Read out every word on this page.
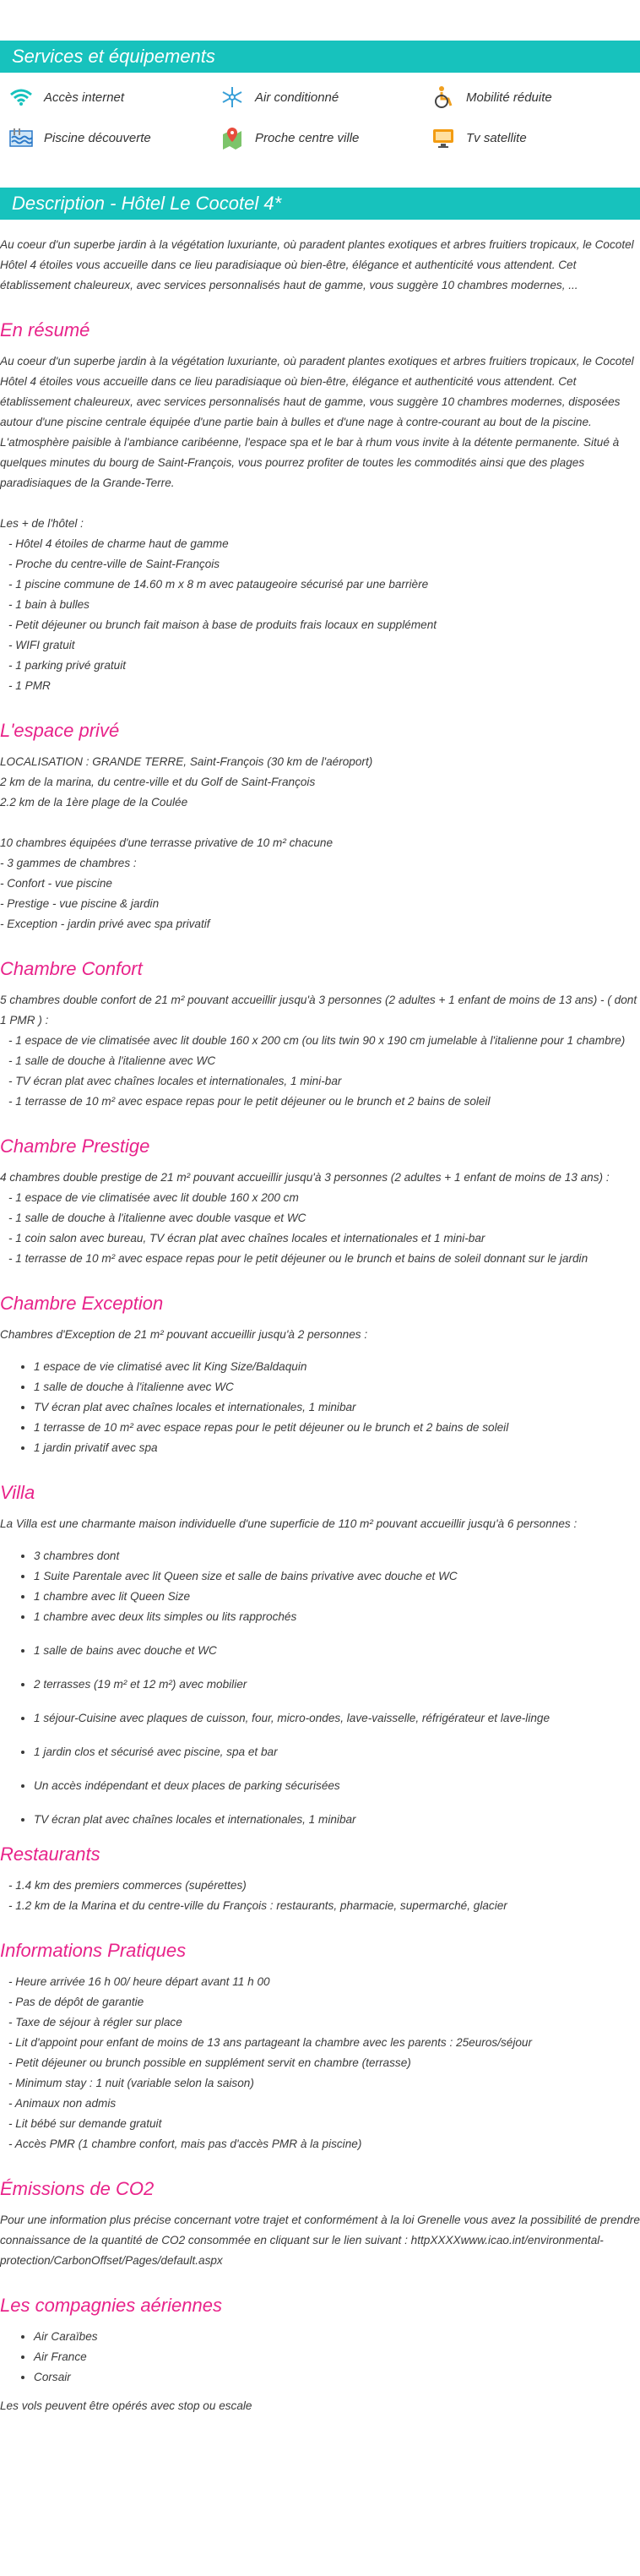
Services et équipements
Accès internet	Air conditionné	Mobilité réduite
Piscine découverte	Proche centre ville	Tv satellite
Description - Hôtel Le Cocotel 4*

Au coeur d'un superbe jardin à la végétation luxuriante, où paradent plantes exotiques et arbres fruitiers tropicaux, le Cocotel Hôtel 4 étoiles vous accueille dans ce lieu paradisiaque où bien-être, élégance et authenticité vous attendent. Cet établissement chaleureux, avec services personnalisés haut de gamme, vous suggère 10 chambres modernes, ...

En résumé

Au coeur d'un superbe jardin à la végétation luxuriante, où paradent plantes exotiques et arbres fruitiers tropicaux, le Cocotel Hôtel 4 étoiles vous accueille dans ce lieu paradisiaque où bien-être, élégance et authenticité vous attendent. Cet établissement chaleureux, avec services personnalisés haut de gamme, vous suggère 10 chambres modernes, disposées autour d'une piscine centrale équipée d'une partie bain à bulles et d'une nage à contre-courant au bout de la piscine. L'atmosphère paisible à l'ambiance caribéenne, l'espace spa et le bar à rhum vous invite à la détente permanente. Situé à quelques minutes du bourg de Saint-François, vous pourrez profiter de toutes les commodités ainsi que des plages paradisiaques de la Grande-Terre.

Les + de l'hôtel :
- Hôtel 4 étoiles de charme haut de gamme
- Proche du centre-ville de Saint-François
- 1 piscine commune de 14.60 m x 8 m avec pataugeoire sécurisé par une barrière
- 1 bain à bulles
- Petit déjeuner ou brunch fait maison à base de produits frais locaux en supplément
- WIFI gratuit
- 1 parking privé gratuit
- 1 PMR
L'espace privé
LOCALISATION : GRANDE TERRE, Saint-François (30 km de l'aéroport)
2 km de la marina, du centre-ville et du Golf de Saint-François
2.2 km de la 1ère plage de la Coulée
10 chambres équipées d'une terrasse privative de 10 m² chacune
- 3 gammes de chambres :
- Confort - vue piscine
- Prestige - vue piscine & jardin
- Exception - jardin privé avec spa privatif
Chambre Confort

5 chambres double confort de 21 m² pouvant accueillir jusqu'à 3 personnes (2 adultes + 1 enfant de moins de 13 ans) - ( dont 1 PMR ) :

- 1 espace de vie climatisée avec lit double 160 x 200 cm (ou lits twin 90 x 190 cm jumelable à l'italienne pour 1 chambre)
- 1 salle de douche à l'italienne avec WC
- TV écran plat avec chaînes locales et internationales, 1 mini-bar
- 1 terrasse de 10 m² avec espace repas pour le petit déjeuner ou le brunch et 2 bains de soleil
Chambre Prestige

4 chambres double prestige de 21 m² pouvant accueillir jusqu'à 3 personnes (2 adultes + 1 enfant de moins de 13 ans) :

- 1 espace de vie climatisée avec lit double 160 x 200 cm
- 1 salle de douche à l'italienne avec double vasque et WC
- 1 coin salon avec bureau, TV écran plat avec chaînes locales et internationales et 1 mini-bar
- 1 terrasse de 10 m² avec espace repas pour le petit déjeuner ou le brunch et bains de soleil donnant sur le jardin
Chambre Exception

Chambres d'Exception de 21 m² pouvant accueillir jusqu'à 2 personnes :

• 1 espace de vie climatisé avec lit King Size/Baldaquin
• 1 salle de douche à l'italienne avec WC
• TV écran plat avec chaînes locales et internationales, 1 minibar
• 1 terrasse de 10 m² avec espace repas pour le petit déjeuner ou le brunch et 2 bains de soleil
• 1 jardin privatif avec spa
Villa

La Villa est une charmante maison individuelle d'une superficie de 110 m² pouvant accueillir jusqu'à 6 personnes :

• 3 chambres dont
• 1 Suite Parentale avec lit Queen size et salle de bains privative avec douche et WC
• 1 chambre avec lit Queen Size
• 1 chambre avec deux lits simples ou lits rapprochés
• 1 salle de bains avec douche et WC
• 2 terrasses (19 m² et 12 m²) avec mobilier
• 1 séjour-Cuisine avec plaques de cuisson, four, micro-ondes, lave-vaisselle, réfrigérateur et lave-linge
• 1 jardin clos et sécurisé avec piscine, spa et bar
• Un accès indépendant et deux places de parking sécurisées
• TV écran plat avec chaînes locales et internationales, 1 minibar
Restaurants
- 1.4 km des premiers commerces (supérettes)
- 1.2 km de la Marina et du centre-ville du François : restaurants, pharmacie, supermarché, glacier
Informations Pratiques
- Heure arrivée 16 h 00/ heure départ avant 11 h 00
- Pas de dépôt de garantie
- Taxe de séjour à régler sur place
- Lit d'appoint pour enfant de moins de 13 ans partageant la chambre avec les parents : 25euros/séjour
- Petit déjeuner ou brunch possible en supplément servit en chambre (terrasse)
- Minimum stay : 1 nuit (variable selon la saison)
- Animaux non admis
- Lit bébé sur demande gratuit
- Accès PMR (1 chambre confort, mais pas d'accès PMR à la piscine)
Émissions de CO2

Pour une information plus précise concernant votre trajet et conformément à la loi Grenelle vous avez la possibilité de prendre connaissance de la quantité de CO2 consommée en cliquant sur le lien suivant : httpXXXXwww.icao.int/environmental-protection/CarbonOffset/Pages/default.aspx

Les compagnies aériennes
• Air Caraïbes
• Air France
• Corsair
Les vols peuvent être opérés avec stop ou escale
